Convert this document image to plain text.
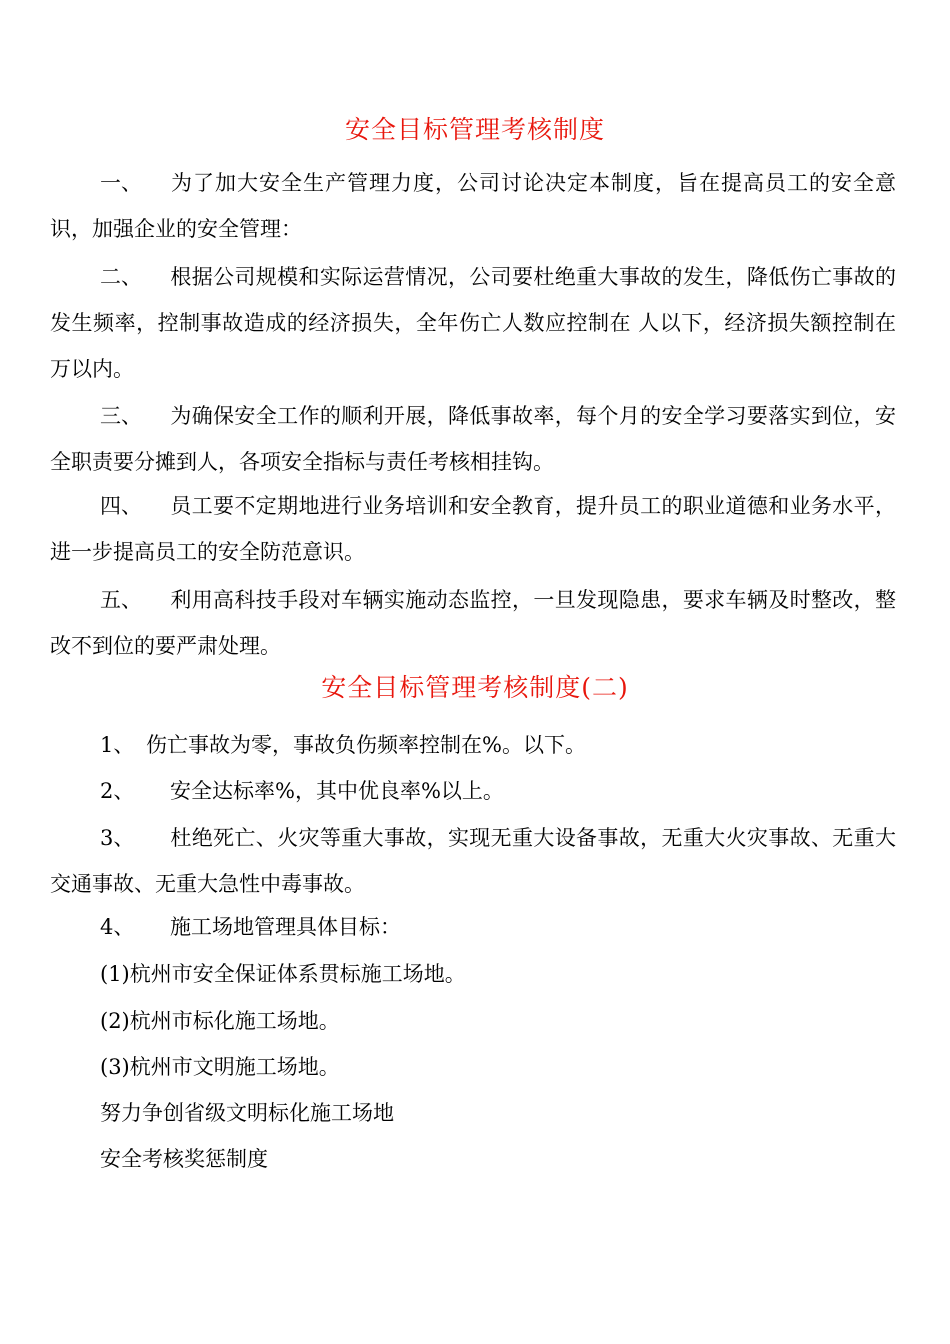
安全目标管理考核制度
一、 为了加大安全生产管理力度，公司讨论决定本制度，旨在提高员工的安全意识，加强企业的安全管理：
二、 根据公司规模和实际运营情况，公司要杜绝重大事故的发生，降低伤亡事故的发生频率，控制事故造成的经济损失，全年伤亡人数应控制在 人以下，经济损失额控制在 万以内。
三、 为确保安全工作的顺利开展，降低事故率，每个月的安全学习要落实到位，安全职责要分摊到人，各项安全指标与责任考核相挂钩。
四、 员工要不定期地进行业务培训和安全教育，提升员工的职业道德和业务水平，进一步提高员工的安全防范意识。
五、 利用高科技手段对车辆实施动态监控，一旦发现隐患，要求车辆及时整改，整改不到位的要严肃处理。
安全目标管理考核制度(二)
1、 伤亡事故为零，事故负伤频率控制在%。以下。
2、 安全达标率%，其中优良率%以上。
3、 杜绝死亡、火灾等重大事故，实现无重大设备事故，无重大火灾事故、无重大交通事故、无重大急性中毒事故。
4、 施工场地管理具体目标：
(1)杭州市安全保证体系贯标施工场地。
(2)杭州市标化施工场地。
(3)杭州市文明施工场地。
努力争创省级文明标化施工场地
安全考核奖惩制度
